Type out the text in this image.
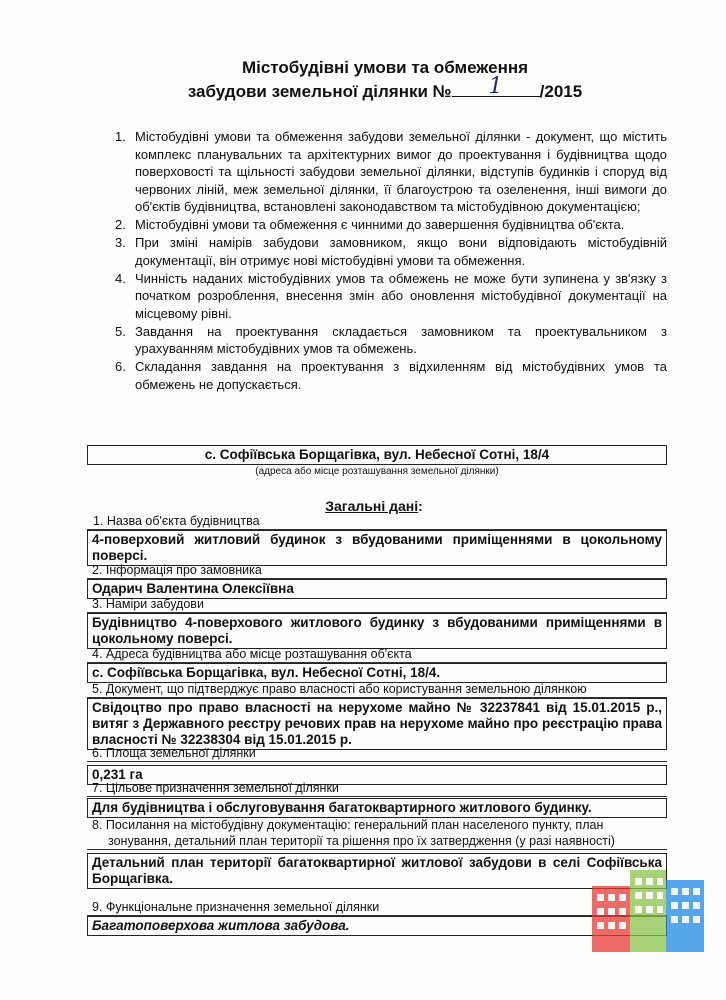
Містобудівні умови та обмеження
забудови земельної ділянки № 1 /2015
1. Містобудівні умови та обмеження забудови земельної ділянки - документ, що містить комплекс планувальних та архітектурних вимог до проектування і будівництва щодо поверховості та щільності забудови земельної ділянки, відступів будинків і споруд від червоних ліній, меж земельної ділянки, її благоустрою та озеленення, інші вимоги до об'єктів будівництва, встановлені законодавством та містобудівною документацією;
2. Містобудівні умови та обмеження є чинними до завершення будівництва об'єкта.
3. При зміні намірів забудови замовником, якщо вони відповідають містобудівній документації, він отримує нові містобудівні умови та обмеження.
4. Чинність наданих містобудівних умов та обмежень не може бути зупинена у зв'язку з початком розроблення, внесення змін або оновлення містобудівної документації на місцевому рівні.
5. Завдання на проектування складається замовником та проектувальником з урахуванням містобудівних умов та обмежень.
6. Складання завдання на проектування з відхиленням від містобудівних умов та обмежень не допускається.
с. Софіївська Борщагівка, вул. Небесної Сотні, 18/4
(адреса або місце розташування земельної ділянки)
Загальні дані:
1. Назва об'єкта будівництва
4-поверховий житловий будинок з вбудованими приміщеннями в цокольному поверсі.
2. Інформація про замовника
Одарич Валентина Олексіївна
3. Наміри забудови
Будівництво 4-поверхового житлового будинку з вбудованими приміщеннями в цокольному поверсі.
4. Адреса будівництва або місце розташування об'єкта
с. Софіївська Борщагівка, вул. Небесної Сотні, 18/4.
5. Документ, що підтверджує право власності або користування земельною ділянкою
Свідоцтво про право власності на нерухоме майно № 32237841 від 15.01.2015 р., витяг з Державного реєстру речових прав на нерухоме майно про реєстрацію права власності № 32238304 від 15.01.2015 р.
6. Площа земельної ділянки
0,231 га
7. Цільове призначення земельної ділянки
Для будівництва і обслуговування багатоквартирного житлового будинку.
8. Посилання на містобудівну документацію: генеральний план населеного пункту, план зонування, детальний план території та рішення про їх затвердження (у разі наявності)
Детальний план території багатоквартирної житлової забудови в селі Софіївська Борщагівка.
9. Функціональне призначення земельної ділянки
Багатоповерхова житлова забудова.
